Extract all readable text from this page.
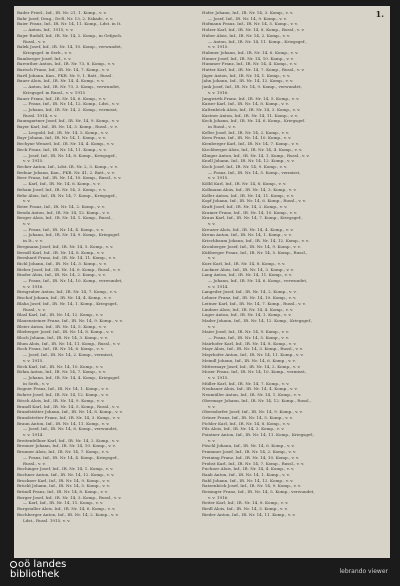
1.
Bader Fried., Inf., IR. Nr. 21, 1. Komp., v. v.
Bahr Josef, Drag., Dr.R. Nr. 13, 2. Eskadr., v. v.
Baier Franz, Inf., IR. Nr. 14, 11. Komp., Ldst. in It.
— Anton, Inf., 1915, v. v.
Bajer Rudolf, Inf., IR. Nr. 14, 2. Komp., in Gefgsch.
Russl., v. v.
Balek Josef, Inf., IR. Nr. 14, 10. Komp., verwundet,
Kriegsgef. in Serb., v. v.
Bamberger Josef, Inf., v. v.
Bareuther Anton, Inf., IR. Nr. 73, 8. Komp., v. v.
Barisch Franz, Inf., IR. Nr. 14, 7. Komp., v. v.
Bartl Johann, Kan., FKR. Nr. 9, 1. Batt., Russl.
Bauer Alois, Inf., IR. Nr. 14, 4. Komp., v. v.
— Anton, Inf., IR. Nr. 73, 3. Komp., verwundet,
Kriegsgef. in Russl., v. v. 1915
Bauer Franz, Inf., IR. Nr. 14, 6. Komp., v. v.
— Franz, Inf., IR. Nr. 14, 12. Komp., Ldst., v. v.
— Johann, Inf., IR. Nr. 14, 2. Komp., vermisst,
Russl. 1914, v. v.
Baumgartner Josef, Inf., IR. Nr. 14, 9. Komp., v. v.
Bayer Karl, Inf., IR. Nr. 14, 3. Komp., Russl., v. v.
— Leopold, Inf., IR. Nr. 14, 5. Komp., v. v.
Bayr Johann, Inf., IR. Nr. 14, 1. Komp., v. v.
Bechyne Wenzel, Inf., IR. Nr. 14, 4. Komp., v. v.
Beck Franz, Inf., IR. Nr. 14, 11. Komp., v. v.
— Josef, Inf., IR. Nr. 14, 8. Komp., Kriegsgef.,
v. v. 1915.
Becker Anton, Inf., Ldst. IR. Nr. 2, 3. Komp., v. v.
Bednar Johann, Kan., FKR. Nr. 41, 2. Batt., v. v.
Beer Franz, Inf., IR. Nr. 14, 10. Komp., Russl., v. v.
— Karl, Inf., IR. Nr. 14, 6. Komp., v. v.
Beham Josef, Inf., IR. Nr. 14, 3. Komp., v. v.
Behr Alois, Inf., IR. Nr. 14, 7. Komp., Kriegsgef.,
v. v.
Beier Franz, Inf., IR. Nr. 14, 2. Komp., v. v.
Benda Anton, Inf., IR. Nr. 14, 12. Komp., v. v.
Berger Alois, Inf., IR. Nr. 14, 1. Komp., Russl.,
v. v.
— Franz, Inf., IR. Nr. 14, 4. Komp., v. v.
— Johann, Inf., IR. Nr. 14, 9. Komp., Kriegsgef.
in It., v. v.
Bergmann Josef, Inf., IR. Nr. 14, 5. Komp., v. v.
Berndl Karl, Inf., IR. Nr. 14, 8. Komp., v. v.
Bernhard Franz, Inf., IR. Nr. 14, 11. Komp., v. v.
Bichl Johann, Inf., IR. Nr. 14, 3. Komp., v. v.
Bieber Josef, Inf., IR. Nr. 14, 6. Komp., Russl., v. v.
Binder Alois, Inf., IR. Nr. 14, 2. Komp., v. v.
— Franz, Inf., IR. Nr. 14, 10. Komp., verwundet,
v. v. 1916.
Birngruber Anton, Inf., IR. Nr. 14, 7. Komp., v. v.
Bischof Johann, Inf., IR. Nr. 14, 4. Komp., v. v.
Blaha Josef, Inf., IR. Nr. 14, 1. Komp., Kriegsgef.,
Russl., v. v.
Blasl Karl, Inf., IR. Nr. 14, 12. Komp., v. v.
Blauensteiner Franz, Inf., IR. Nr. 14, 9. Komp., v. v.
Bleier Anton, Inf., IR. Nr. 14, 5. Komp., v. v.
Blieberger Josef, Inf., IR. Nr. 14, 8. Komp., v. v.
Bloch Johann, Inf., IR. Nr. 14, 3. Komp., v. v.
Blum Alois, Inf., IR. Nr. 14, 11. Komp., Russl., v. v.
Bock Franz, Inf., IR. Nr. 14, 6. Komp., v. v.
— Josef, Inf., IR. Nr. 14, 2. Komp., vermisst,
v. v. 1915.
Böck Karl, Inf., IR. Nr. 14, 10. Komp., v. v.
Böhm Anton, Inf., IR. Nr. 14, 7. Komp., v. v.
— Johann, Inf., IR. Nr. 14, 4. Komp., Kriegsgef.
in Serb., v. v.
Bogner Franz, Inf., IR. Nr. 14, 1. Komp., v. v.
Bohrer Josef, Inf., IR. Nr. 14, 12. Komp., v. v.
Bösch Alois, Inf., IR. Nr. 14, 9. Komp., v. v.
Brandl Karl, Inf., IR. Nr. 14, 5. Komp., Russl., v. v.
Brandstätter Johann, Inf., IR. Nr. 14, 8. Komp., v. v.
Brandstetter Franz, Inf., IR. Nr. 14, 3. Komp., v. v.
Braun Anton, Inf., IR. Nr. 14, 11. Komp., v. v.
— Josef, Inf., IR. Nr. 14, 6. Komp., verwundet,
v. v. 1914.
Breitenfellner Karl, Inf., IR. Nr. 14, 2. Komp., v. v.
Brenner Johann, Inf., IR. Nr. 14, 10. Komp., v. v.
Brunner Alois, Inf., IR. Nr. 14, 7. Komp., v. v.
— Franz, Inf., IR. Nr. 14, 4. Komp., Kriegsgef.,
Russl., v. v.
Buchinger Josef, Inf., IR. Nr. 14, 1. Komp., v. v.
Buchner Anton, Inf., IR. Nr. 14, 12. Komp., v. v.
Bruckner Karl, Inf., IR. Nr. 14, 9. Komp., v. v.
Brückl Johann, Inf., IR. Nr. 14, 5. Komp., v. v.
Bründl Franz, Inf., IR. Nr. 14, 8. Komp., v. v.
Burger Josef, Inf., IR. Nr. 14, 3. Komp., Russl., v. v.
— Karl, Inf., IR. Nr. 14, 11. Komp., v. v.
Burgstaller Alois, Inf., IR. Nr. 14, 6. Komp., v. v.
Buchberger Anton, Inf., IR. Nr. 14, 2. Komp., v. v.
Ldst., Russl. 1915, v. v.
Hofer Johann, Inf., IR. Nr. 14, 3. Komp., v. v.
— Josef, Inf., IR. Nr. 14, 9. Komp., v. v.
Hofmann Franz, Inf., IR. Nr. 14, 5. Komp., v. v.
Holzer Karl, Inf., IR. Nr. 14, 8. Komp., Russl., v. v.
Huber Alois, Inf., IR. Nr. 14, 2. Komp., v. v.
— Anton, Inf., IR. Nr. 14, 11. Komp., Kriegsgef.,
v. v. 1915.
Hubmer Johann, Inf., IR. Nr. 14, 6. Komp., v. v.
Humer Josef, Inf., IR. Nr. 14, 10. Komp., v. v.
Hummer Franz, Inf., IR. Nr. 14, 4. Komp., v. v.
Hutter Karl, Inf., IR. Nr. 14, 7. Komp., Russl., v. v.
Jäger Anton, Inf., IR. Nr. 14, 1. Komp., v. v.
Jahn Johann, Inf., IR. Nr. 14, 12. Komp., v. v.
Jank Josef, Inf., IR. Nr. 14, 9. Komp., verwundet,
v. v. 1916.
Jungwirth Franz, Inf., IR. Nr. 14, 5. Komp., v. v.
Kaiser Karl, Inf., IR. Nr. 14, 8. Komp., v. v.
Kaltenböck Alois, Inf., IR. Nr. 14, 3. Komp., v. v.
Kastner Anton, Inf., IR. Nr. 14, 11. Komp., v. v.
Keck Johann, Inf., IR. Nr. 14, 6. Komp., Kriegsgef.
in Russl., v. v.
Keller Josef, Inf., IR. Nr. 14, 2. Komp., v. v.
Kern Franz, Inf., IR. Nr. 14, 10. Komp., v. v.
Kienberger Karl, Inf., IR. Nr. 14, 7. Komp., v. v.
Kirchberger Alois, Inf., IR. Nr. 14, 4. Komp., v. v.
Klinger Anton, Inf., IR. Nr. 14, 1. Komp., Russl., v. v.
Knoll Johann, Inf., IR. Nr. 14, 12. Komp., v. v.
Koch Josef, Inf., IR. Nr. 14, 9. Komp., v. v.
— Franz, Inf., IR. Nr. 14, 5. Komp., vermisst,
v. v. 1915.
Kölbl Karl, Inf., IR. Nr. 14, 8. Komp., v. v.
Kollmann Alois, Inf., IR. Nr. 14, 3. Komp., v. v.
Koller Anton, Inf., IR. Nr. 14, 11. Komp., v. v.
Kopf Johann, Inf., IR. Nr. 14, 6. Komp., Russl., v. v.
Kraft Josef, Inf., IR. Nr. 14, 2. Komp., v. v.
Kramer Franz, Inf., IR. Nr. 14, 10. Komp., v. v.
Kraus Karl, Inf., IR. Nr. 14, 7. Komp., Kriegsgef.,
v. v.
Kreuzer Alois, Inf., IR. Nr. 14, 4. Komp., v. v.
Krenn Anton, Inf., IR. Nr. 14, 1. Komp., v. v.
Kriechbaum Johann, Inf., IR. Nr. 14, 12. Komp., v. v.
Kronberger Josef, Inf., IR. Nr. 14, 9. Komp., v. v.
Kühberger Franz, Inf., IR. Nr. 14, 5. Komp., Russl.,
v. v.
Kurz Karl, Inf., IR. Nr. 14, 8. Komp., v. v.
Lackner Alois, Inf., IR. Nr. 14, 3. Komp., v. v.
Lang Anton, Inf., IR. Nr. 14, 11. Komp., v. v.
— Johann, Inf., IR. Nr. 14, 6. Komp., verwundet,
v. v. 1914.
Langeder Josef, Inf., IR. Nr. 14, 2. Komp., v. v.
Lehner Franz, Inf., IR. Nr. 14, 10. Komp., v. v.
Leitner Karl, Inf., IR. Nr. 14, 7. Komp., Russl., v. v.
Lindner Alois, Inf., IR. Nr. 14, 4. Komp., v. v.
Luger Anton, Inf., IR. Nr. 14, 1. Komp., v. v.
Mader Johann, Inf., IR. Nr. 14, 12. Komp., Kriegsgef.,
v. v.
Maier Josef, Inf., IR. Nr. 14, 9. Komp., v. v.
— Franz, Inf., IR. Nr. 14, 5. Komp., v. v.
Mairhofer Karl, Inf., IR. Nr. 14, 8. Komp., v. v.
Mayr Alois, Inf., IR. Nr. 14, 3. Komp., Russl., v. v.
Mayrhofer Anton, Inf., IR. Nr. 14, 11. Komp., v. v.
Meindl Johann, Inf., IR. Nr. 14, 6. Komp., v. v.
Mittermayr Josef, Inf., IR. Nr. 14, 2. Komp., v. v.
Moser Franz, Inf., IR. Nr. 14, 10. Komp., vermisst,
v. v. 1915.
Müller Karl, Inf., IR. Nr. 14, 7. Komp., v. v.
Neubauer Alois, Inf., IR. Nr. 14, 4. Komp., v. v.
Neumüller Anton, Inf., IR. Nr. 14, 1. Komp., v. v.
Obermayr Johann, Inf., IR. Nr. 14, 12. Komp., Russl.,
v. v.
Oberndorfer Josef, Inf., IR. Nr. 14, 9. Komp., v. v.
Ortner Franz, Inf., IR. Nr. 14, 5. Komp., v. v.
Pichler Karl, Inf., IR. Nr. 14, 8. Komp., v. v.
Pilz Alois, Inf., IR. Nr. 14, 3. Komp., v. v.
Pointner Anton, Inf., IR. Nr. 14, 11. Komp., Kriegsgef.,
v. v.
Pöschl Johann, Inf., IR. Nr. 14, 6. Komp., v. v.
Prammer Josef, Inf., IR. Nr. 14, 2. Komp., v. v.
Preining Franz, Inf., IR. Nr. 14, 10. Komp., v. v.
Probst Karl, Inf., IR. Nr. 14, 7. Komp., Russl., v. v.
Puchner Alois, Inf., IR. Nr. 14, 4. Komp., v. v.
Raab Anton, Inf., IR. Nr. 14, 1. Komp., v. v.
Rabl Johann, Inf., IR. Nr. 14, 12. Komp., v. v.
Ratzenböck Josef, Inf., IR. Nr. 14, 9. Komp., v. v.
Reisinger Franz, Inf., IR. Nr. 14, 5. Komp., verwundet,
v. v. 1916.
Reiter Karl, Inf., IR. Nr. 14, 8. Komp., v. v.
Riedl Alois, Inf., IR. Nr. 14, 3. Komp., v. v.
Rieder Anton, Inf., IR. Nr. 14, 11. Komp., v. v.
oö landes
bibliothek	lebrando viewer
